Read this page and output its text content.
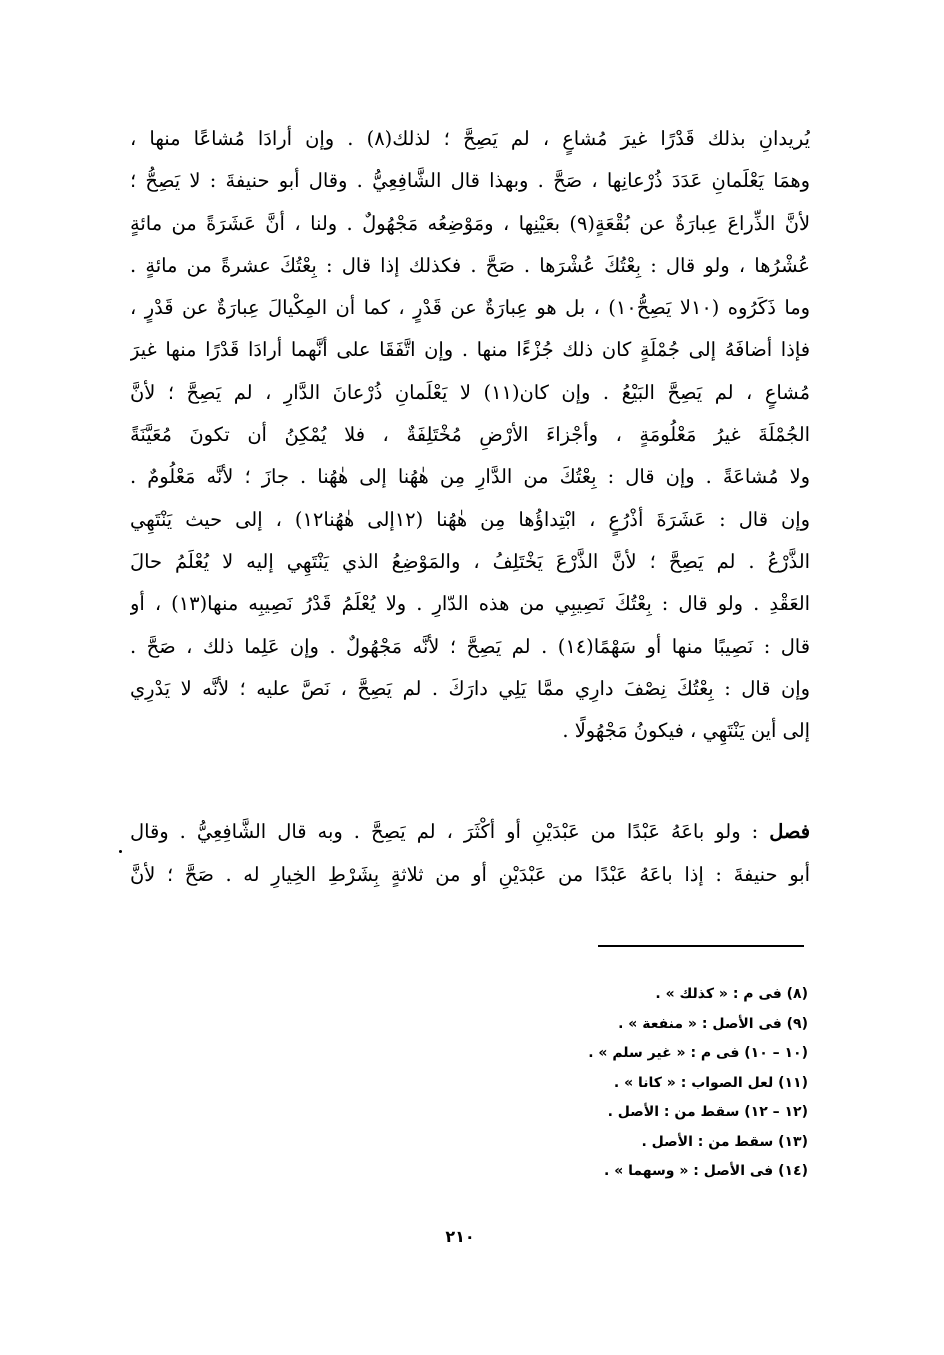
يُريدانِ بذلك قَدْرًا غيرَ مُشاعٍ ، لم يَصِحَّ ؛ لذلك(٨) . وإن أرادَا مُشاعًا منها ،
وهمَا يَعْلَمانِ عَدَدَ ذُرْعانِها ، صَحَّ . وبهذا قال الشَّافِعِيُّ . وقال أبو حنيفةَ : لا يَصِحُّ ؛
لأنَّ الذِّراعَ عِبارَةٌ عن بُقْعَةٍ(٩) بعَيْنِها ، ومَوْضِعُه مَجْهُولٌ . ولنا ، أنَّ عَشَرَةً من مائةٍ
عُشْرُها ، ولو قال : بِعْتُكَ عُشْرَها . صَحَّ . فكذلك إذا قال : بِعْتُكَ عشرةً من مائةٍ .
وما ذَكَرُوه (١٠لا يَصِحُّ١٠) ، بل هو عِبارَةٌ عن قَدْرٍ ، كما أن المِكْيالَ عِبارَةٌ عن قَدْرٍ ،
فإذا أضافَهُ إلى جُمْلَةٍ كان ذلك جُزْءًا منها . وإن اتَّفَقَا على أنَّهما أرادَا قَدْرًا منها غيرَ
مُشاعٍ ، لم يَصِحَّ البَيْعُ . وإن كان(١١) لا يَعْلَمانِ ذُرْعانَ الدَّارِ ، لم يَصِحَّ ؛ لأنَّ
الجُمْلَةَ غيرُ مَعْلُومَةٍ ، وأجْزاءَ الأرْضِ مُخْتَلِفَةٌ ، فلا يُمْكِنُ أن تكونَ مُعَيَّنَةً
ولا مُشاعَةً . وإن قال : بِعْتُكَ من الدَّارِ مِن هٰهُنا إلى هٰهُنا . جازَ ؛ لأنَّه مَعْلُومٌ .
وإن قال : عَشَرَةَ أذْرُعٍ ، ابْتِداؤُها مِن هٰهُنا (١٢إلى هٰهُنا١٢) ، إلى حيث يَنْتَهِي
الذَّرْعُ . لم يَصِحَّ ؛ لأنَّ الذَّرْعَ يَخْتَلِفُ ، والمَوْضِعُ الذي يَنْتَهِي إليه لا يُعْلَمُ حالَ
العَقْدِ . ولو قال : بِعْتُكَ نَصِيبِي من هذه الدّارِ . ولا يُعْلَمُ قَدْرُ نَصِيبِه منها(١٣) ، أو
قال : نَصِيبًا منها أو سَهْمًا(١٤) . لم يَصِحَّ ؛ لأنَّه مَجْهُولٌ . وإن عَلِما ذلك ، صَحَّ .
وإن قال : بِعْتُكَ نِصْفَ دارِي ممَّا يَلِي دارَكَ . لم يَصِحَّ ، نَصَّ عليه ؛ لأنَّه لا يَدْرِي
إلى أين يَنْتَهِي ، فيكونُ مَجْهُولًا .
فصل : ولو باعَهُ عَبْدًا من عَبْدَيْنِ أو أكْثَرَ ، لم يَصِحَّ . وبه قال الشَّافِعِيُّ . وقال
أبو حنيفةَ : إذا باعَهُ عَبْدًا من عَبْدَيْنِ أو من ثلاثةٍ بِشَرْطِ الخِيارِ له . صَحَّ ؛ لأنَّ
(٨) فى م : « كذلك » .
(٩) فى الأصل : « منفعة » .
(١٠ – ١٠) فى م : « غير سلم » .
(١١) لعل الصواب : « كانا » .
(١٢ – ١٢) سقط من : الأصل .
(١٣) سقط من : الأصل .
(١٤) فى الأصل : « وسهما » .
٢١٠
